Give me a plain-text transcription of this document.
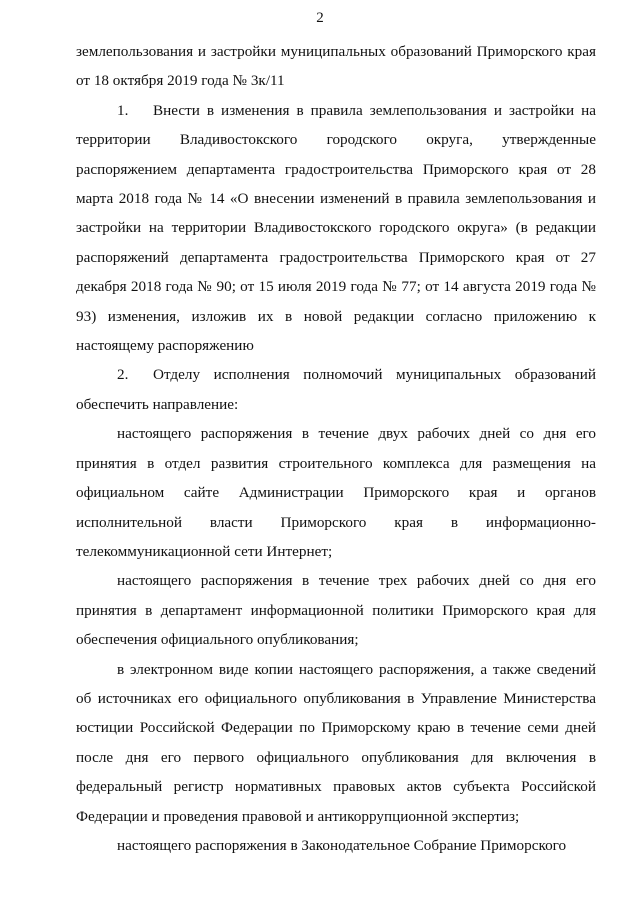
2

землепользования и застройки муниципальных образований Приморского края от 18 октября 2019 года № 3к/11

1. Внести в изменения в правила землепользования и застройки на территории Владивостокского городского округа, утвержденные распоряжением департамента градостроительства Приморского края от 28 марта 2018 года № 14 «О внесении изменений в правила землепользования и застройки на территории Владивостокского городского округа» (в редакции распоряжений департамента градостроительства Приморского края от 27 декабря 2018 года № 90; от 15 июля 2019 года № 77; от 14 августа 2019 года № 93) изменения, изложив их в новой редакции согласно приложению к настоящему распоряжению

2. Отделу исполнения полномочий муниципальных образований обеспечить направление:

настоящего распоряжения в течение двух рабочих дней со дня его принятия в отдел развития строительного комплекса для размещения на официальном сайте Администрации Приморского края и органов исполнительной власти Приморского края в информационно-телекоммуникационной сети Интернет;

настоящего распоряжения в течение трех рабочих дней со дня его принятия в департамент информационной политики Приморского края для обеспечения официального опубликования;

в электронном виде копии настоящего распоряжения, а также сведений об источниках его официального опубликования в Управление Министерства юстиции Российской Федерации по Приморскому краю в течение семи дней после дня его первого официального опубликования для включения в федеральный регистр нормативных правовых актов субъекта Российской Федерации и проведения правовой и антикоррупционной экспертиз;

настоящего распоряжения в Законодательное Собрание Приморского
